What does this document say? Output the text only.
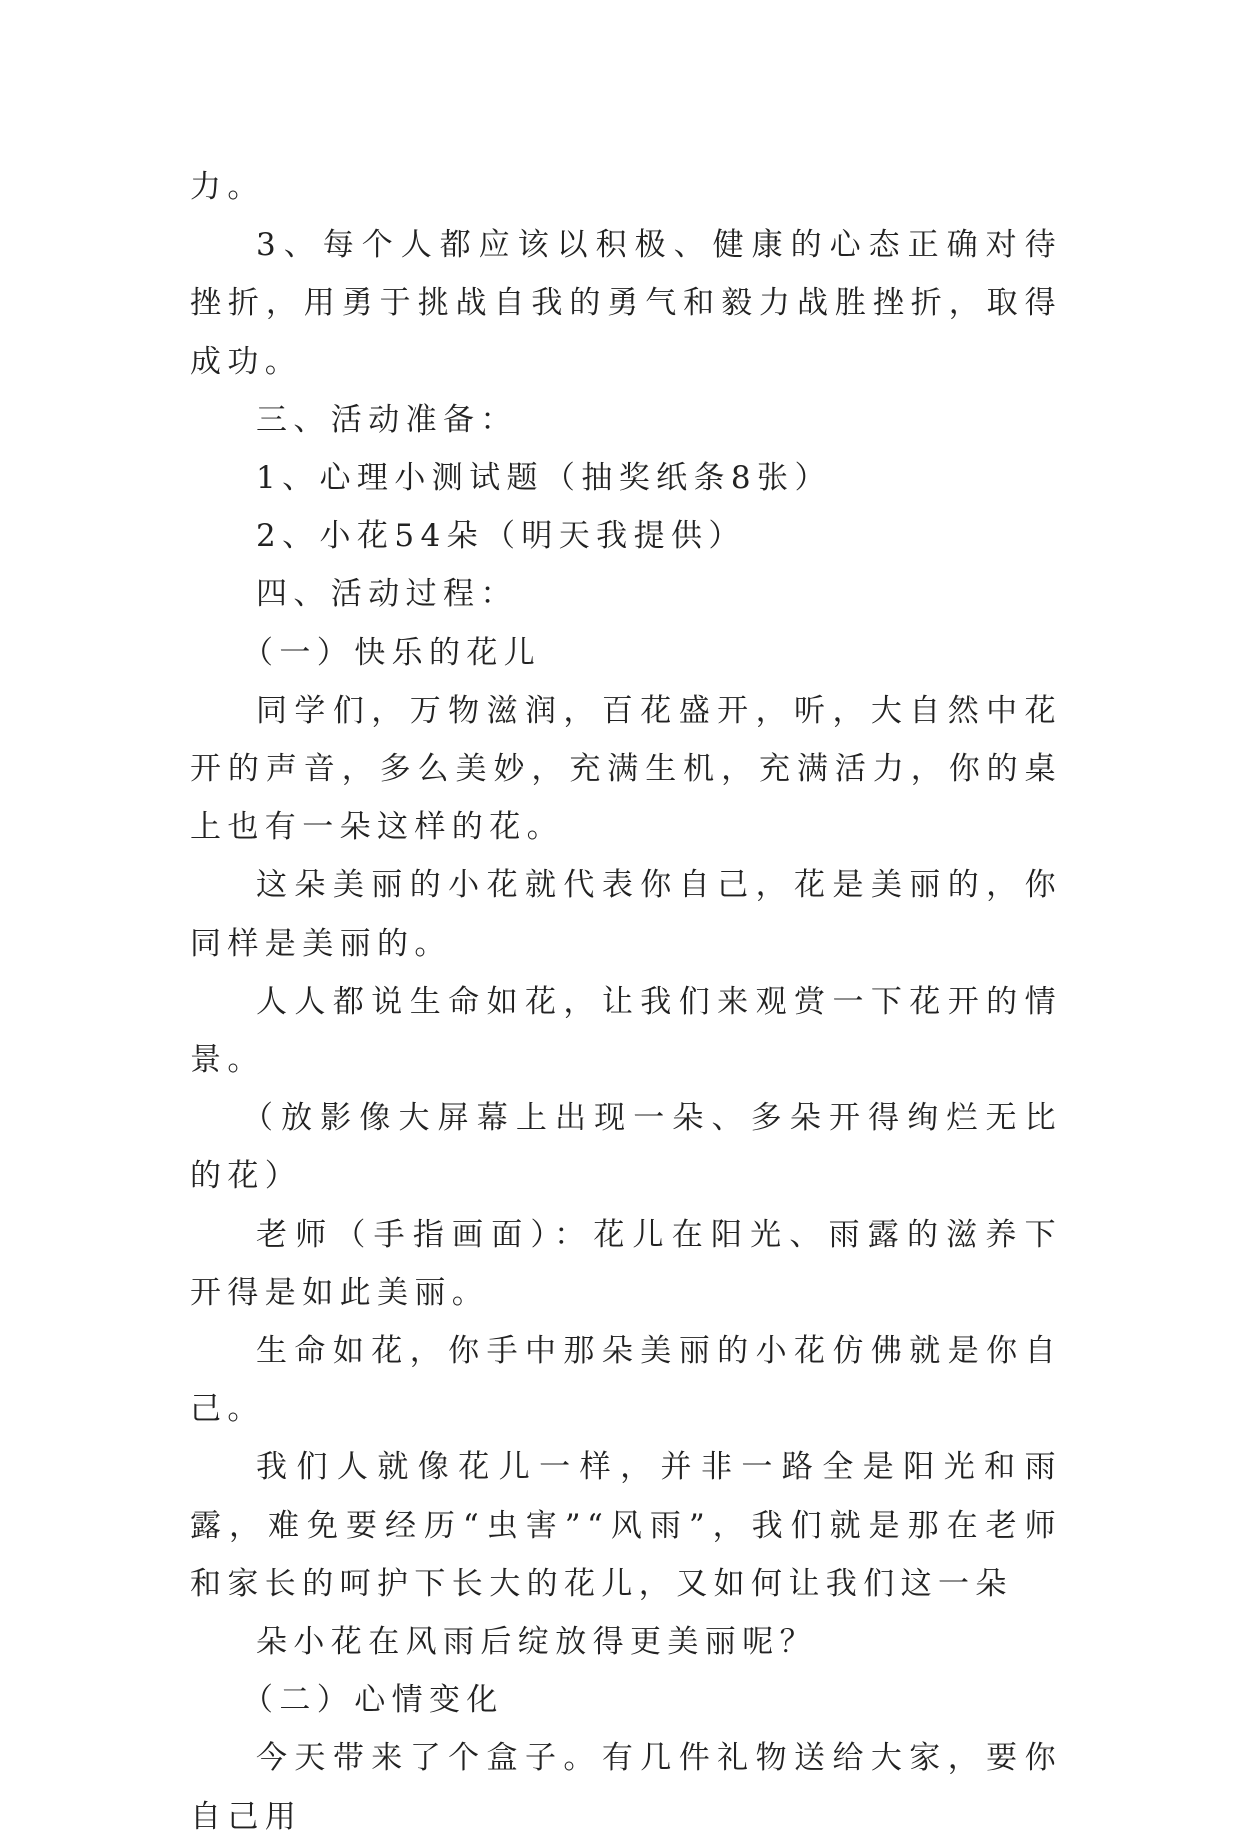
力。

3、每个人都应该以积极、健康的心态正确对待挫折，用勇于挑战自我的勇气和毅力战胜挫折，取得成功。

三、活动准备：

1、心理小测试题（抽奖纸条8张）

2、小花54朵（明天我提供）

四、活动过程：

（一）快乐的花儿

同学们，万物滋润，百花盛开，听，大自然中花开的声音，多么美妙，充满生机，充满活力，你的桌上也有一朵这样的花。

这朵美丽的小花就代表你自己，花是美丽的，你同样是美丽的。

人人都说生命如花，让我们来观赏一下花开的情景。

（放影像大屏幕上出现一朵、多朵开得绚烂无比的花）

老师（手指画面）：花儿在阳光、雨露的滋养下开得是如此美丽。

生命如花，你手中那朵美丽的小花仿佛就是你自己。

我们人就像花儿一样，并非一路全是阳光和雨露，难免要经历“虫害”“风雨”，我们就是那在老师和家长的呵护下长大的花儿，又如何让我们这一朵

朵小花在风雨后绽放得更美丽呢？

（二）心情变化

今天带来了个盒子。有几件礼物送给大家，要你自己用
